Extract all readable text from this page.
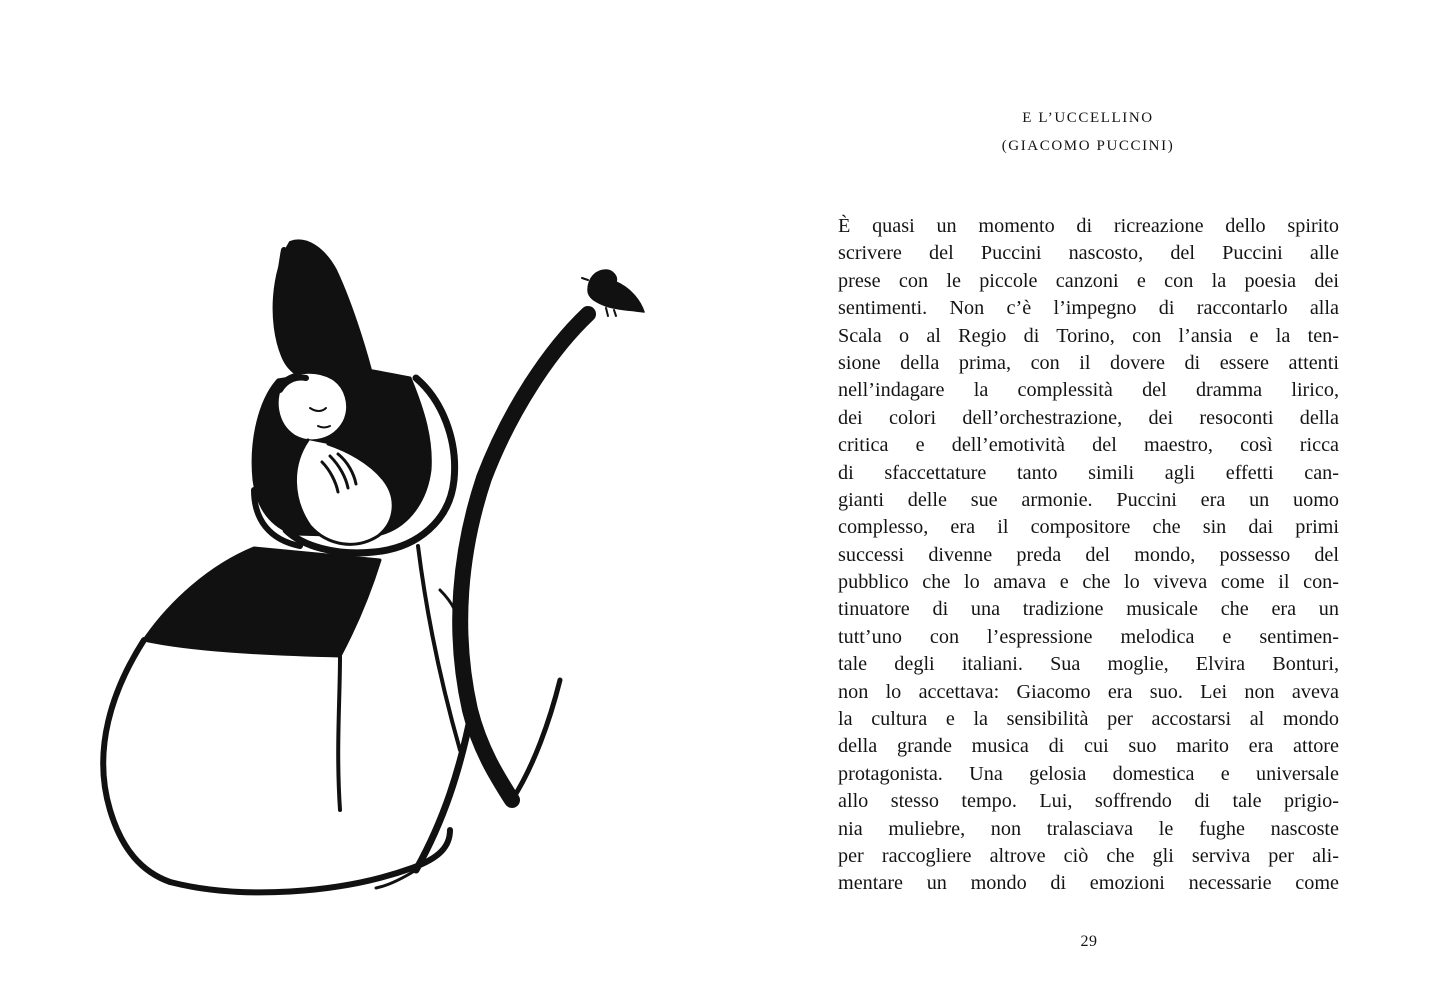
E L’UCCELLINO
(GIACOMO PUCCINI)
È quasi un momento di ricreazione dello spirito
scrivere del Puccini nascosto, del Puccini alle
prese con le piccole canzoni e con la poesia dei
sentimenti. Non c’è l’impegno di raccontarlo alla
Scala o al Regio di Torino, con l’ansia e la ten-
sione della prima, con il dovere di essere attenti
nell’indagare la complessità del dramma lirico,
dei colori dell’orchestrazione, dei resoconti della
critica e dell’emotività del maestro, così ricca
di sfaccettature tanto simili agli effetti can-
gianti delle sue armonie. Puccini era un uomo
complesso, era il compositore che sin dai primi
successi divenne preda del mondo, possesso del
pubblico che lo amava e che lo viveva come il con-
tinuatore di una tradizione musicale che era un
tutt’uno con l’espressione melodica e sentimen-
tale degli italiani. Sua moglie, Elvira Bonturi,
non lo accettava: Giacomo era suo. Lei non aveva
la cultura e la sensibilità per accostarsi al mondo
della grande musica di cui suo marito era attore
protagonista. Una gelosia domestica e universale
allo stesso tempo. Lui, soffrendo di tale prigio-
nia muliebre, non tralasciava le fughe nascoste
per raccogliere altrove ciò che gli serviva per ali-
mentare un mondo di emozioni necessarie come
29
